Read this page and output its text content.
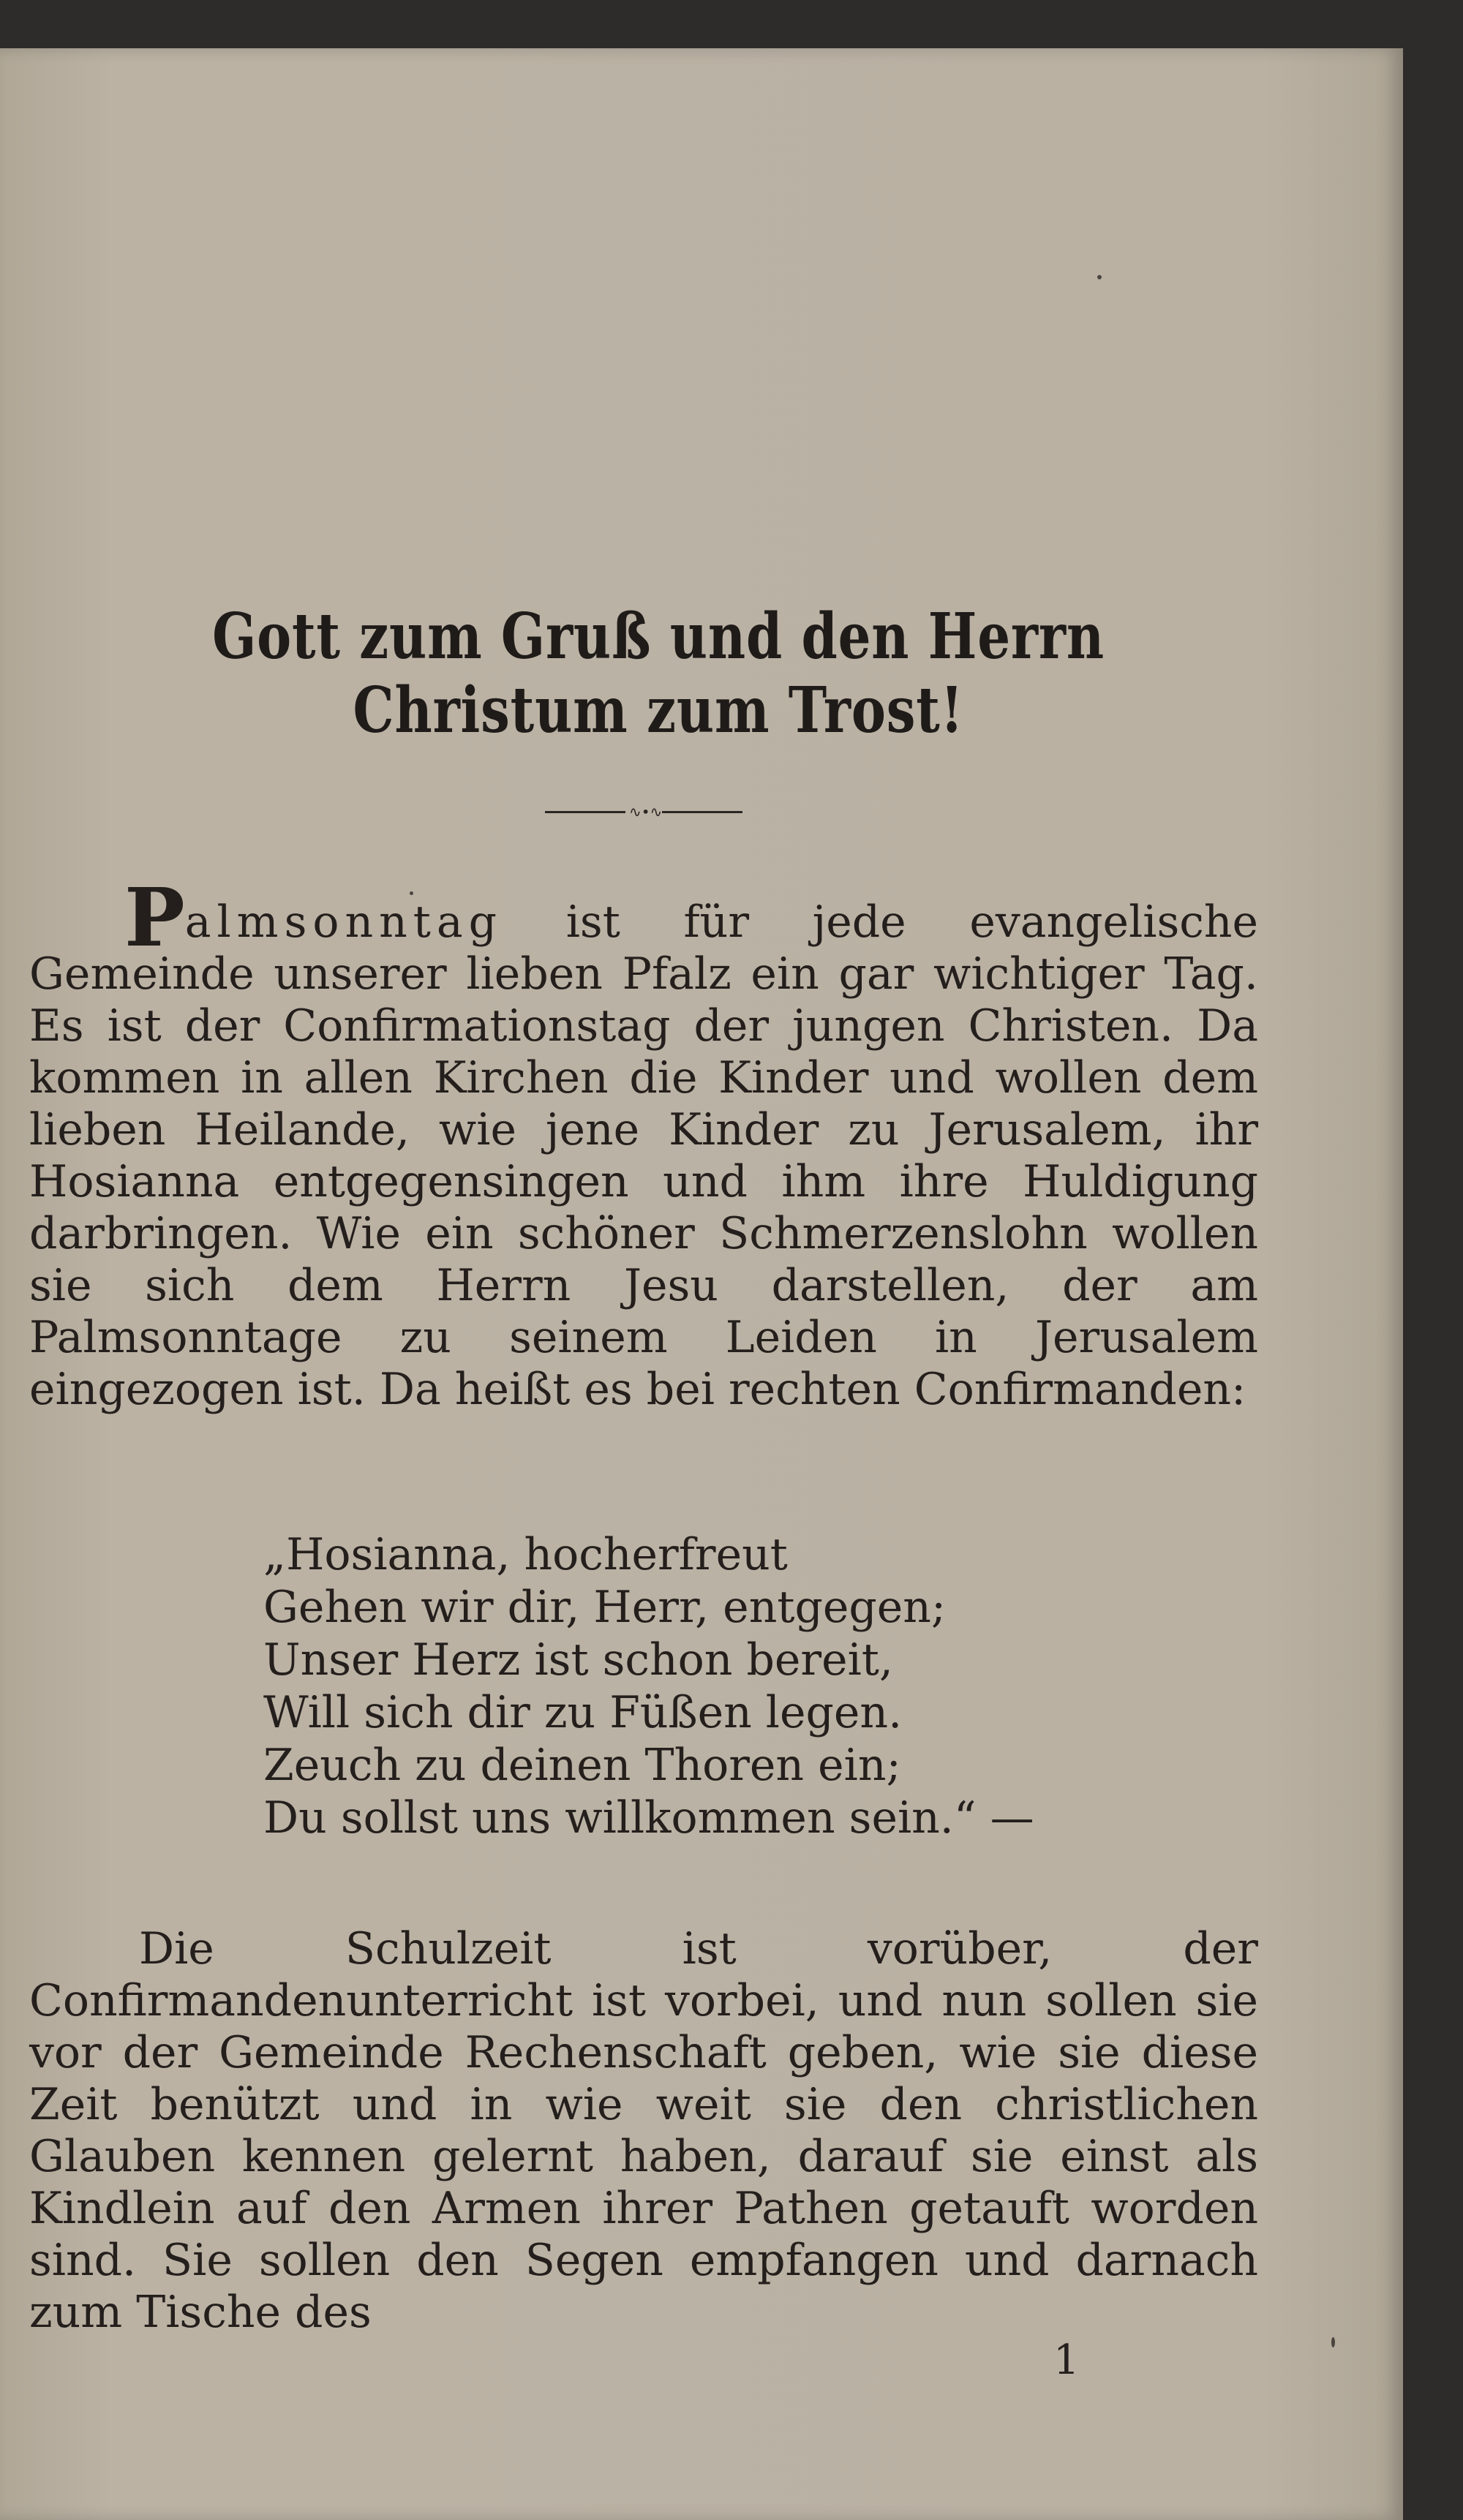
Gott zum Gruß und den Herrn Christum zum Trost!
∿•∿
Palmsonntag ist für jede evangelische Gemeinde unserer lieben Pfalz ein gar wichtiger Tag. Es ist der Confirmationstag der jungen Christen. Da kommen in allen Kirchen die Kinder und wollen dem lieben Heilande, wie jene Kinder zu Jerusalem, ihr Hosianna entgegensingen und ihm ihre Huldigung darbringen. Wie ein schöner Schmerzenslohn wollen sie sich dem Herrn Jesu darstellen, der am Palmsonntage zu seinem Leiden in Jerusalem eingezogen ist. Da heißt es bei rechten Confirmanden:
„Hosianna, hocherfreut
Gehen wir dir, Herr, entgegen;
Unser Herz ist schon bereit,
Will sich dir zu Füßen legen.
Zeuch zu deinen Thoren ein;
Du sollst uns willkommen sein.“ —
Die Schulzeit ist vorüber, der Confirmandenunterricht ist vorbei, und nun sollen sie vor der Gemeinde Rechenschaft geben, wie sie diese Zeit benützt und in wie weit sie den christlichen Glauben kennen gelernt haben, darauf sie einst als Kindlein auf den Armen ihrer Pathen getauft worden sind. Sie sollen den Segen empfangen und darnach zum Tische des
1
